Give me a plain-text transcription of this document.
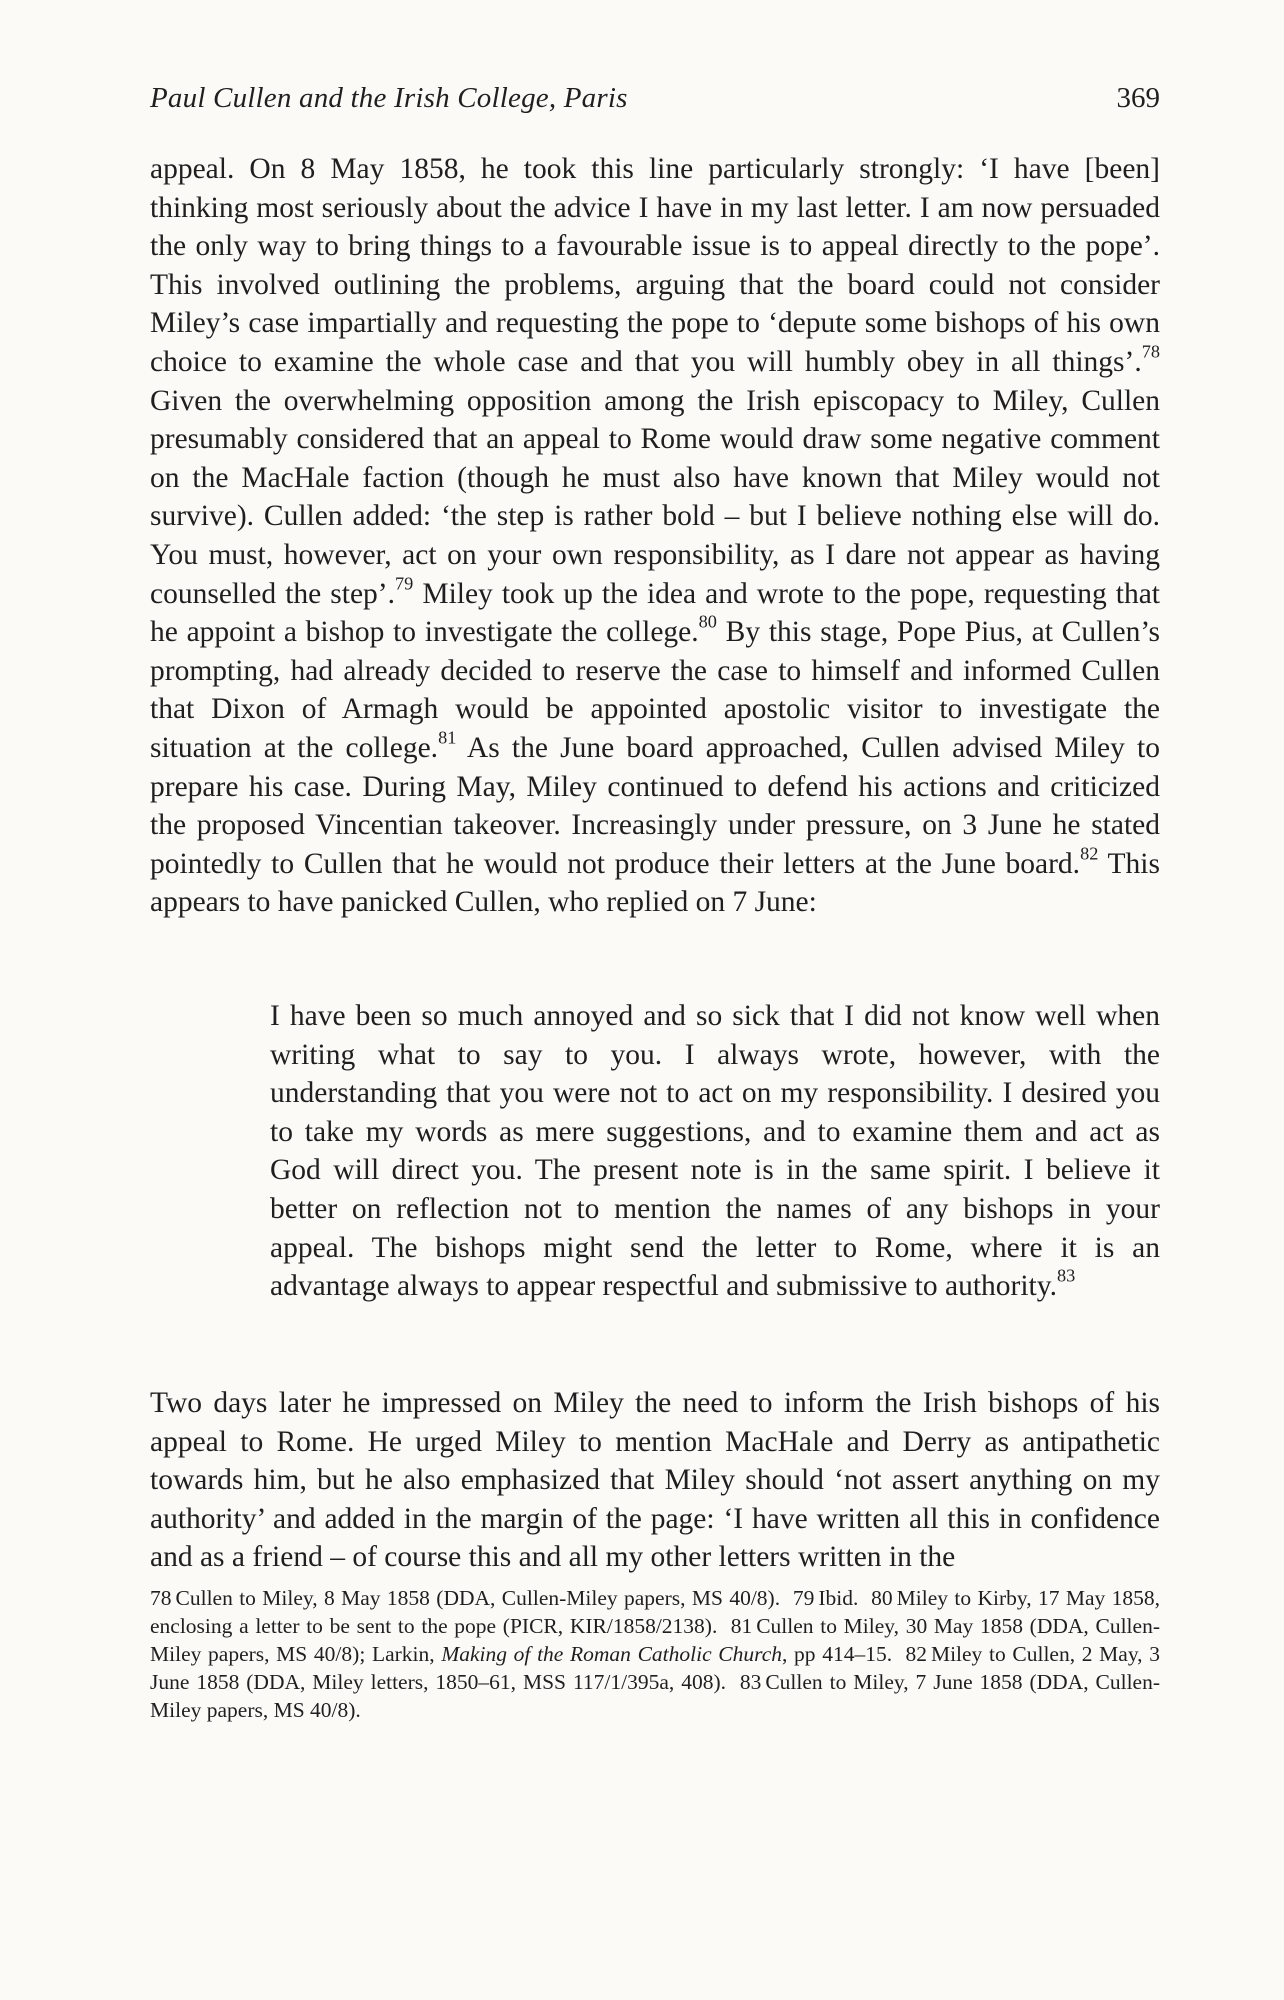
Paul Cullen and the Irish College, Paris	369

appeal. On 8 May 1858, he took this line particularly strongly: ‘I have [been] thinking most seriously about the advice I have in my last letter. I am now persuaded the only way to bring things to a favourable issue is to appeal directly to the pope’. This involved outlining the problems, arguing that the board could not consider Miley’s case impartially and requesting the pope to ‘depute some bishops of his own choice to examine the whole case and that you will humbly obey in all things’.$^{78}$ Given the overwhelming opposition among the Irish episcopacy to Miley, Cullen presumably considered that an appeal to Rome would draw some negative comment on the MacHale faction (though he must also have known that Miley would not survive). Cullen added: ‘the step is rather bold – but I believe nothing else will do. You must, however, act on your own responsibility, as I dare not appear as having counselled the step’.$^{79}$ Miley took up the idea and wrote to the pope, requesting that he appoint a bishop to investigate the college.$^{80}$ By this stage, Pope Pius, at Cullen’s prompting, had already decided to reserve the case to himself and informed Cullen that Dixon of Armagh would be appointed apostolic visitor to investigate the situation at the college.$^{81}$ As the June board approached, Cullen advised Miley to prepare his case. During May, Miley continued to defend his actions and criticized the proposed Vincentian takeover. Increasingly under pressure, on 3 June he stated pointedly to Cullen that he would not produce their letters at the June board.$^{82}$ This appears to have panicked Cullen, who replied on 7 June:

I have been so much annoyed and so sick that I did not know well when writing what to say to you. I always wrote, however, with the understanding that you were not to act on my responsibility. I desired you to take my words as mere suggestions, and to examine them and act as God will direct you. The present note is in the same spirit. I believe it better on reflection not to mention the names of any bishops in your appeal. The bishops might send the letter to Rome, where it is an advantage always to appear respectful and submissive to authority.$^{83}$

Two days later he impressed on Miley the need to inform the Irish bishops of his appeal to Rome. He urged Miley to mention MacHale and Derry as antipathetic towards him, but he also emphasized that Miley should ‘not assert anything on my authority’ and added in the margin of the page: ‘I have written all this in confidence and as a friend – of course this and all my other letters written in the

78 Cullen to Miley, 8 May 1858 (DDA, Cullen-Miley papers, MS 40/8). 79 Ibid. 80 Miley to Kirby, 17 May 1858, enclosing a letter to be sent to the pope (PICR, KIR/1858/2138). 81 Cullen to Miley, 30 May 1858 (DDA, Cullen-Miley papers, MS 40/8); Larkin, Making of the Roman Catholic Church, pp 414–15. 82 Miley to Cullen, 2 May, 3 June 1858 (DDA, Miley letters, 1850–61, MSS 117/1/395a, 408). 83 Cullen to Miley, 7 June 1858 (DDA, Cullen-Miley papers, MS 40/8).
